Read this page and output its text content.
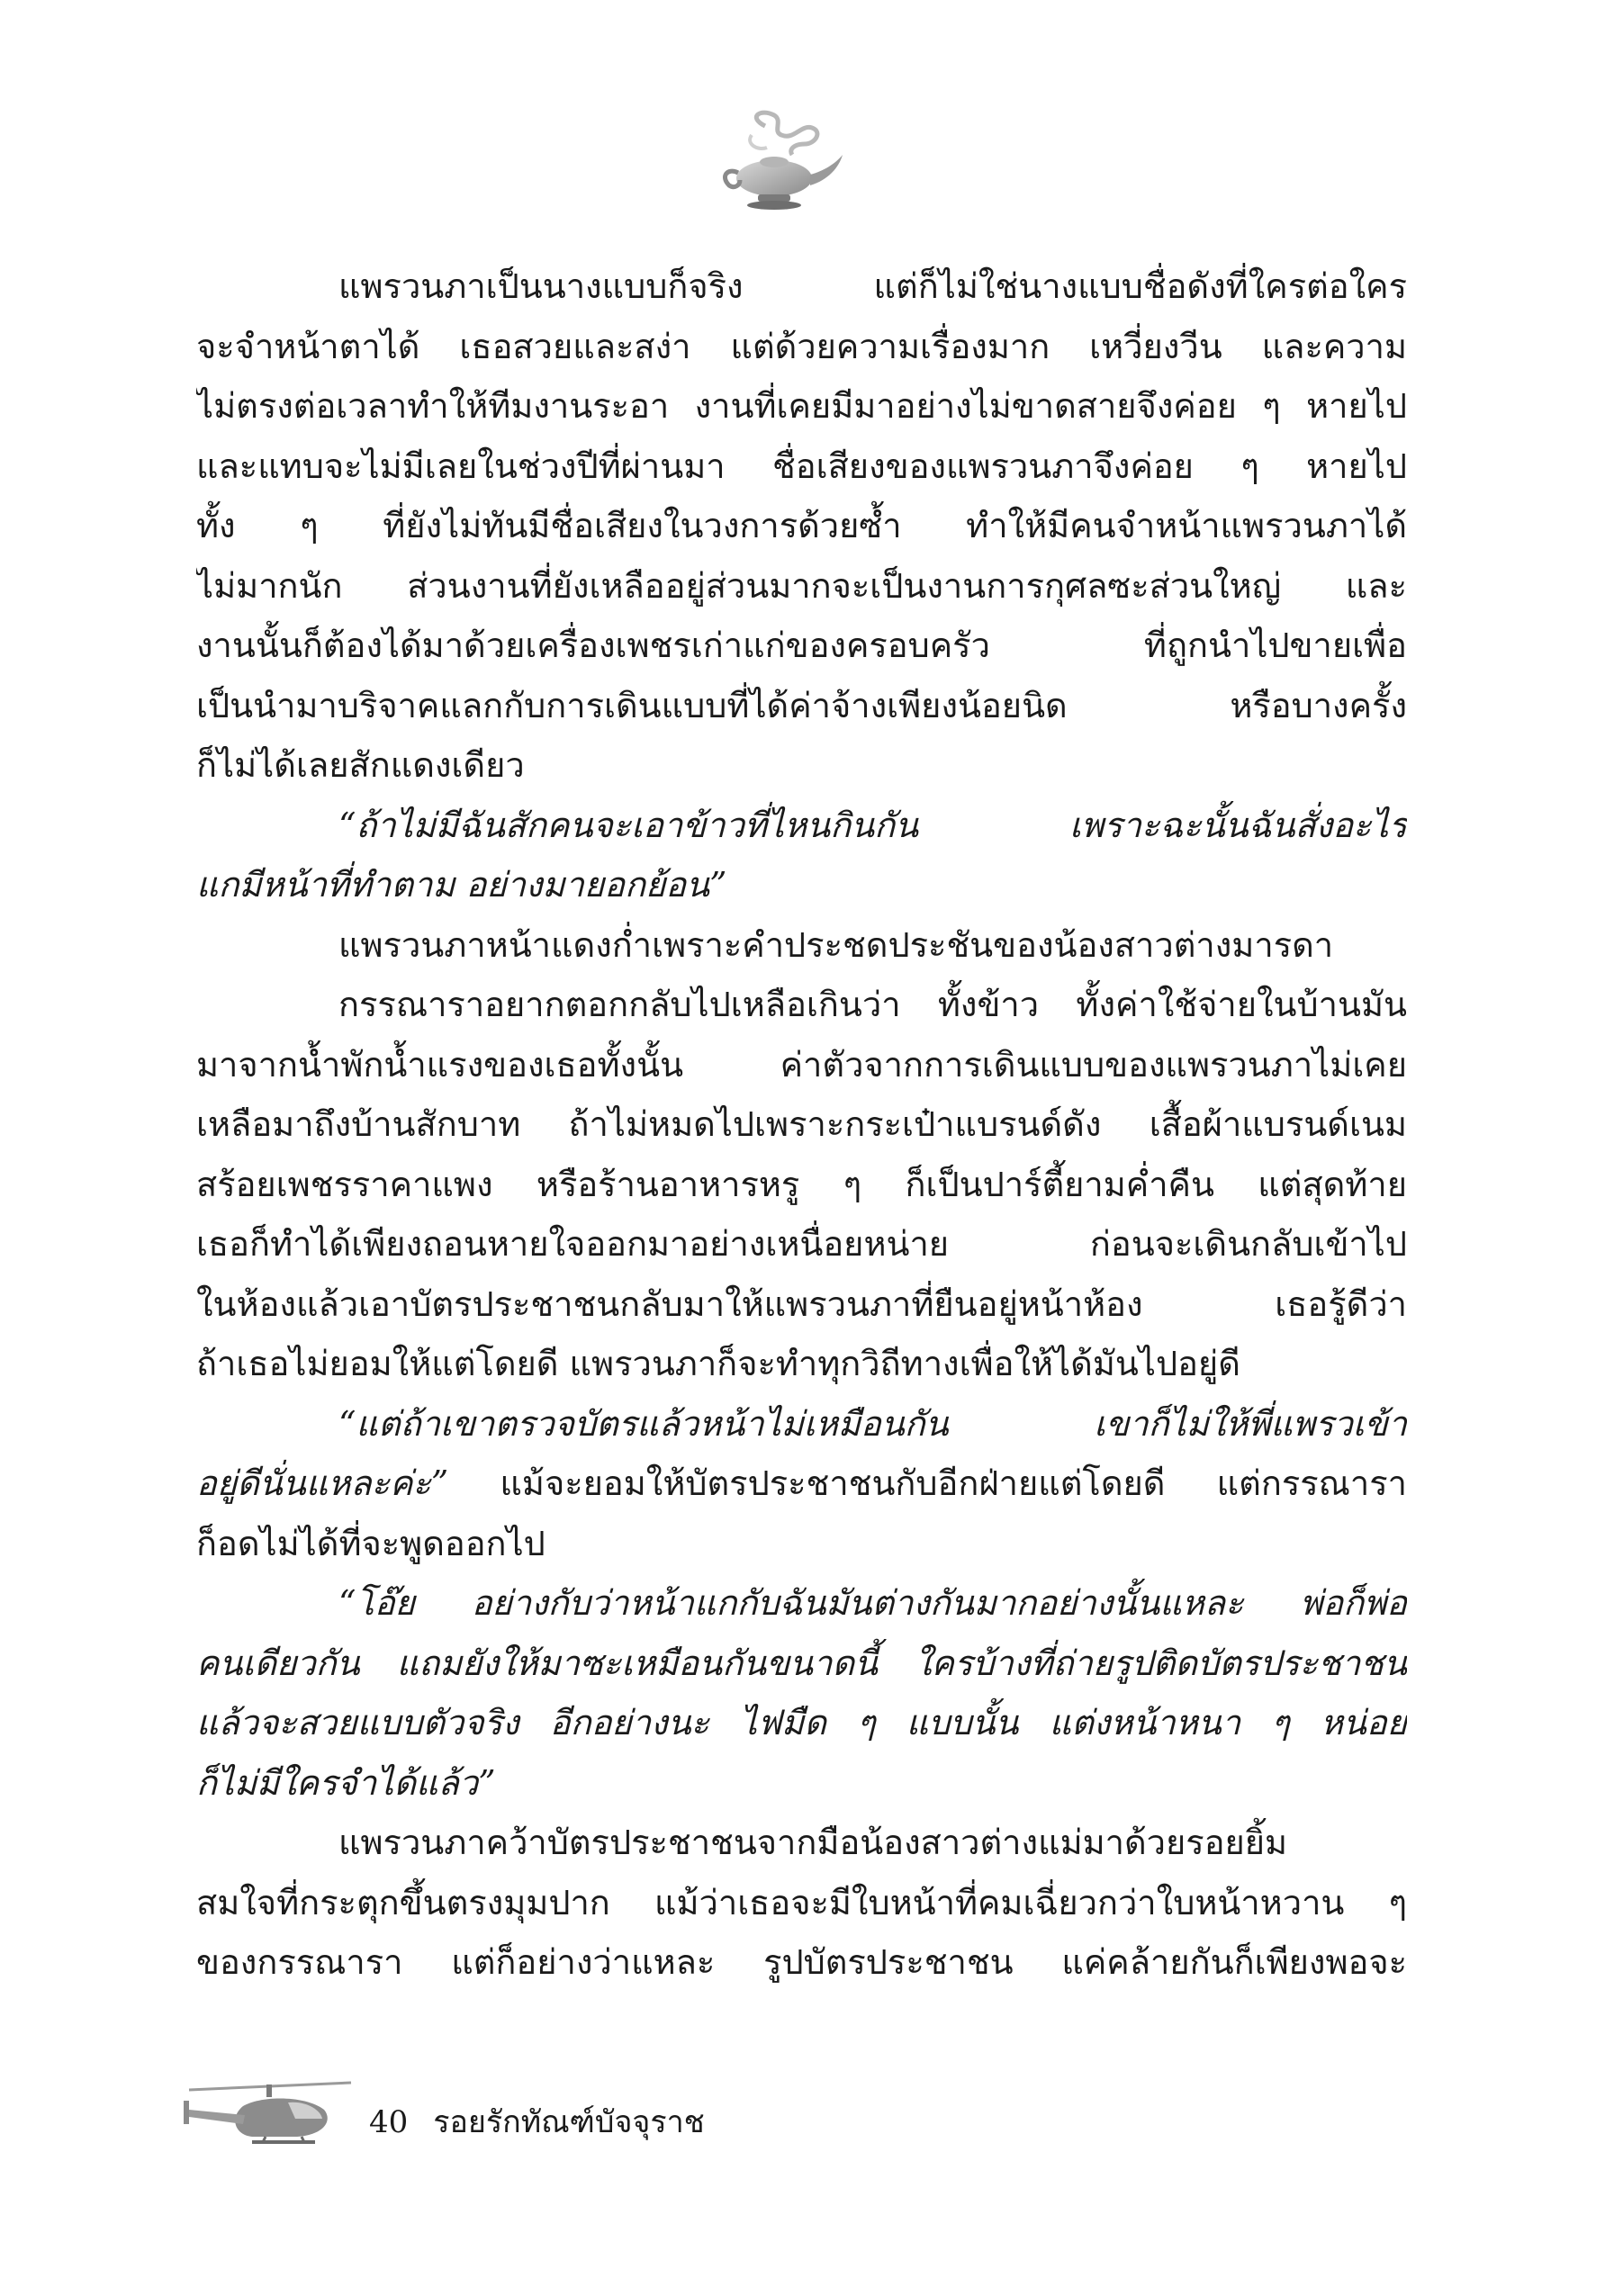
แพรวนภาเป็นนางแบบก็จริง แต่ก็ไม่ใช่นางแบบชื่อดังที่ใครต่อใคร
จะจำหน้าตาได้ เธอสวยและสง่า แต่ด้วยความเรื่องมาก เหวี่ยงวีน และความ
ไม่ตรงต่อเวลาทำให้ทีมงานระอา งานที่เคยมีมาอย่างไม่ขาดสายจึงค่อย ๆ หายไป
และแทบจะไม่มีเลยในช่วงปีที่ผ่านมา ชื่อเสียงของแพรวนภาจึงค่อย ๆ หายไป
ทั้ง ๆ ที่ยังไม่ทันมีชื่อเสียงในวงการด้วยซ้ำ ทำให้มีคนจำหน้าแพรวนภาได้
ไม่มากนัก ส่วนงานที่ยังเหลืออยู่ส่วนมากจะเป็นงานการกุศลซะส่วนใหญ่ และ
งานนั้นก็ต้องได้มาด้วยเครื่องเพชรเก่าแก่ของครอบครัว ที่ถูกนำไปขายเพื่อ
เป็นนำมาบริจาคแลกกับการเดินแบบที่ได้ค่าจ้างเพียงน้อยนิด หรือบางครั้ง
ก็ไม่ได้เลยสักแดงเดียว
“ถ้าไม่มีฉันสักคนจะเอาข้าวที่ไหนกินกัน เพราะฉะนั้นฉันสั่งอะไร
แกมีหน้าที่ทำตาม อย่างมายอกย้อน”
แพรวนภาหน้าแดงก่ำเพราะคำประชดประชันของน้องสาวต่างมารดา
กรรณาราอยากตอกกลับไปเหลือเกินว่า ทั้งข้าว ทั้งค่าใช้จ่ายในบ้านมัน
มาจากน้ำพักน้ำแรงของเธอทั้งนั้น ค่าตัวจากการเดินแบบของแพรวนภาไม่เคย
เหลือมาถึงบ้านสักบาท ถ้าไม่หมดไปเพราะกระเป๋าแบรนด์ดัง เสื้อผ้าแบรนด์เนม
สร้อยเพชรราคาแพง หรือร้านอาหารหรู ๆ ก็เป็นปาร์ตี้ยามค่ำคืน แต่สุดท้าย
เธอก็ทำได้เพียงถอนหายใจออกมาอย่างเหนื่อยหน่าย ก่อนจะเดินกลับเข้าไป
ในห้องแล้วเอาบัตรประชาชนกลับมาให้แพรวนภาที่ยืนอยู่หน้าห้อง เธอรู้ดีว่า
ถ้าเธอไม่ยอมให้แต่โดยดี แพรวนภาก็จะทำทุกวิถีทางเพื่อให้ได้มันไปอยู่ดี
“แต่ถ้าเขาตรวจบัตรแล้วหน้าไม่เหมือนกัน เขาก็ไม่ให้พี่แพรวเข้า
อยู่ดีนั่นแหละค่ะ” แม้จะยอมให้บัตรประชาชนกับอีกฝ่ายแต่โดยดี แต่กรรณารา
ก็อดไม่ได้ที่จะพูดออกไป
“โอ๊ย อย่างกับว่าหน้าแกกับฉันมันต่างกันมากอย่างนั้นแหละ พ่อก็พ่อ
คนเดียวกัน แถมยังให้มาซะเหมือนกันขนาดนี้ ใครบ้างที่ถ่ายรูปติดบัตรประชาชน
แล้วจะสวยแบบตัวจริง อีกอย่างนะ ไฟมืด ๆ แบบนั้น แต่งหน้าหนา ๆ หน่อย
ก็ไม่มีใครจำได้แล้ว”
แพรวนภาคว้าบัตรประชาชนจากมือน้องสาวต่างแม่มาด้วยรอยยิ้ม
สมใจที่กระตุกขึ้นตรงมุมปาก แม้ว่าเธอจะมีใบหน้าที่คมเฉี่ยวกว่าใบหน้าหวาน ๆ
ของกรรณารา แต่ก็อย่างว่าแหละ รูปบัตรประชาชน แค่คล้ายกันก็เพียงพอจะ
40 รอยรักทัณฑ์บัจจุราช
